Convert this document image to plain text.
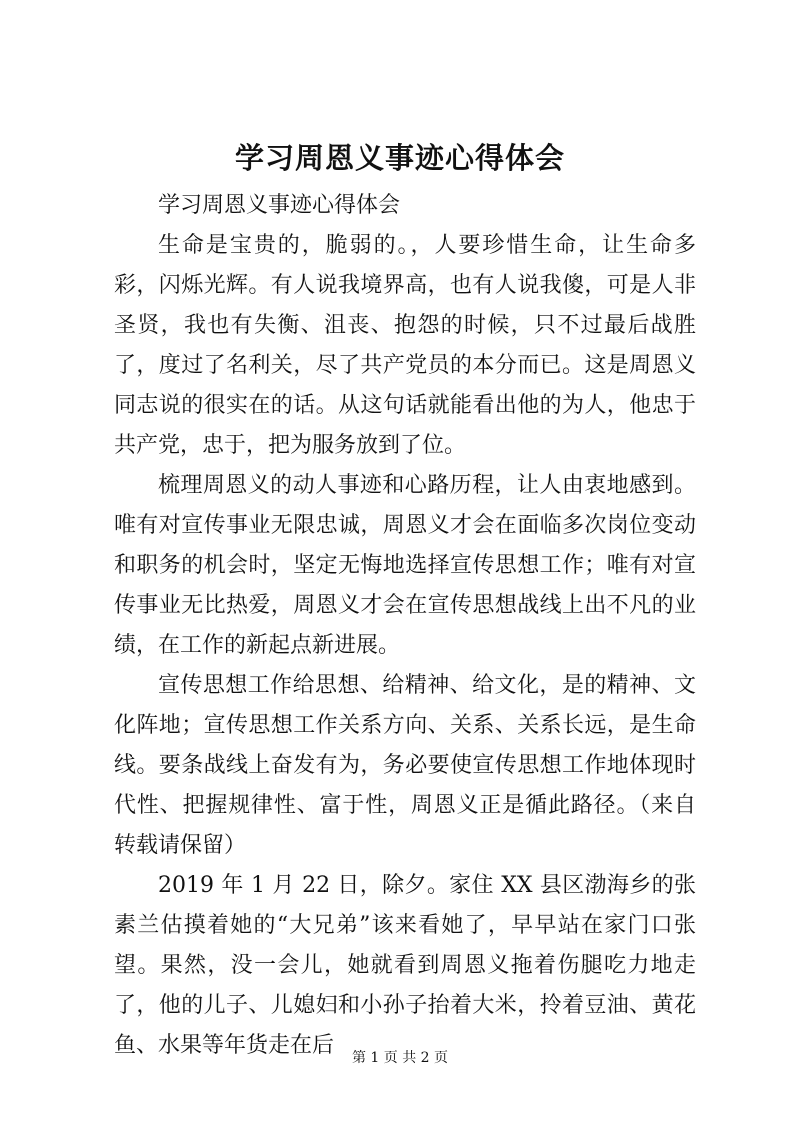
学习周恩义事迹心得体会

学习周恩义事迹心得体会

生命是宝贵的，脆弱的。，人要珍惜生命，让生命多彩，闪烁光辉。有人说我境界高，也有人说我傻，可是人非圣贤，我也有失衡、沮丧、抱怨的时候，只不过最后战胜了，度过了名利关，尽了共产党员的本分而已。这是周恩义同志说的很实在的话。从这句话就能看出他的为人，他忠于共产党，忠于，把为服务放到了位。

梳理周恩义的动人事迹和心路历程，让人由衷地感到。唯有对宣传事业无限忠诚，周恩义才会在面临多次岗位变动和职务的机会时，坚定无悔地选择宣传思想工作；唯有对宣传事业无比热爱，周恩义才会在宣传思想战线上出不凡的业绩，在工作的新起点新进展。

宣传思想工作给思想、给精神、给文化，是的精神、文化阵地；宣传思想工作关系方向、关系、关系长远，是生命线。要条战线上奋发有为，务必要使宣传思想工作地体现时代性、把握规律性、富于性，周恩义正是循此路径。（来自转载请保留）

2019 年 1 月 22 日，除夕。家住 XX 县区渤海乡的张素兰估摸着她的“大兄弟”该来看她了，早早站在家门口张望。果然，没一会儿，她就看到周恩义拖着伤腿吃力地走了，他的儿子、儿媳妇和小孙子抬着大米，拎着豆油、黄花鱼、水果等年货走在后	第 1 页 共 2 页
